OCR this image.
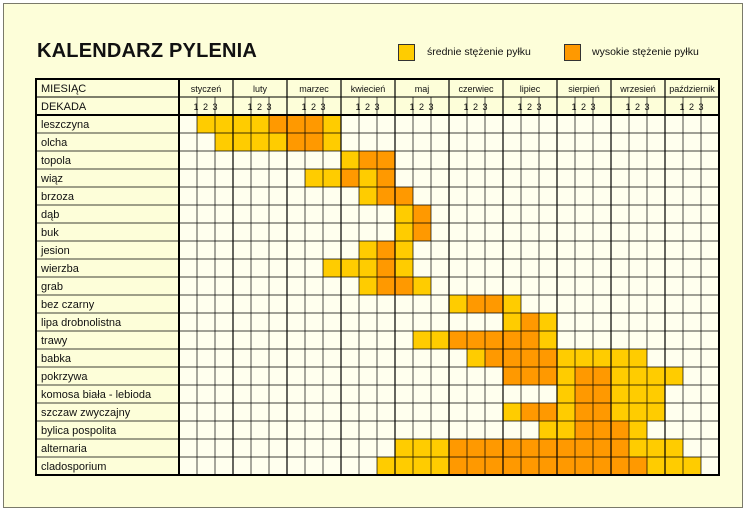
KALENDARZ PYLENIA	średnie stężenie pyłku	wysokie stężenie pyłku
MIESIĄC
DEKADA
leszczyna
olcha
topola
wiąz
brzoza
dąb
buk
jesion
wierzba
grab
bez czarny
lipa drobnolistna
trawy
babka
pokrzywa
komosa biała - lebioda
szczaw zwyczajny
bylica pospolita
alternaria
cladosporium
styczeń
1 2 3
luty
1 2 3
marzec
1 2 3
kwiecień
1 2 3
maj
1 2 3
czerwiec
1 2 3
lipiec
1 2 3
sierpień
1 2 3
wrzesień
1 2 3
październik
1 2 3
